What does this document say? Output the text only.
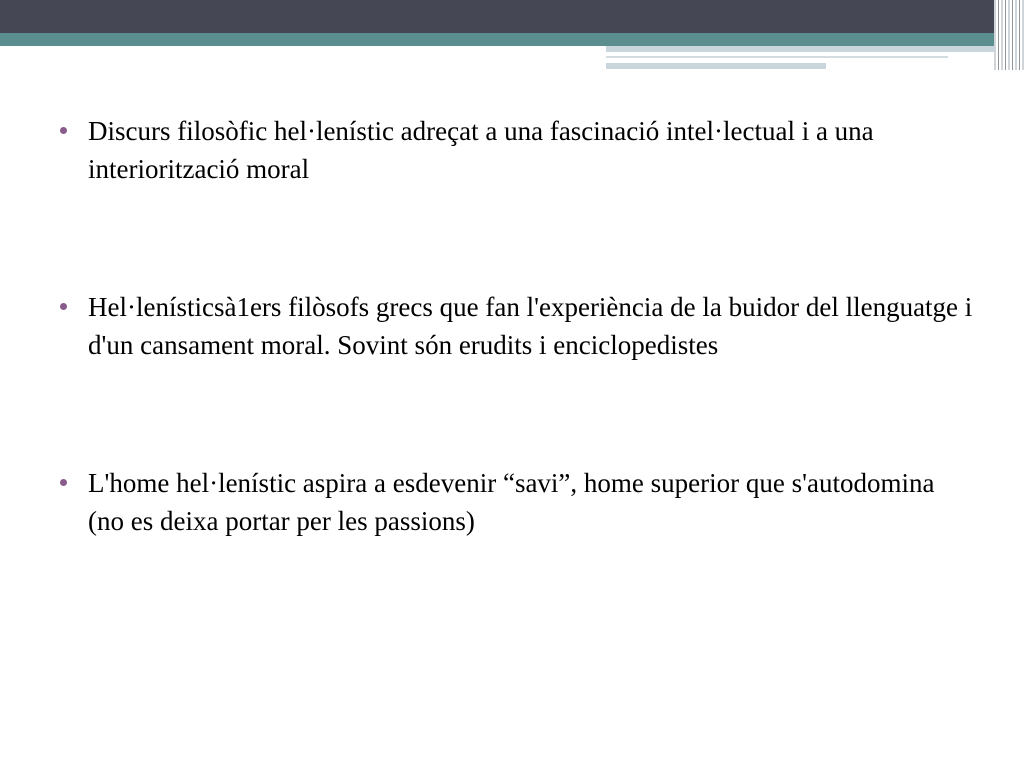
Discurs filosòfic hel·lenístic adreçat a una fascinació intel·lectual i a una interiorització moral
Hel·lenísticsà1ers filòsofs grecs que fan l'experiència de la buidor del llenguatge i d'un cansament moral. Sovint són erudits i enciclopedistes
L'home hel·lenístic aspira a esdevenir “savi”, home superior que s'autodomina (no es deixa portar per les passions)
